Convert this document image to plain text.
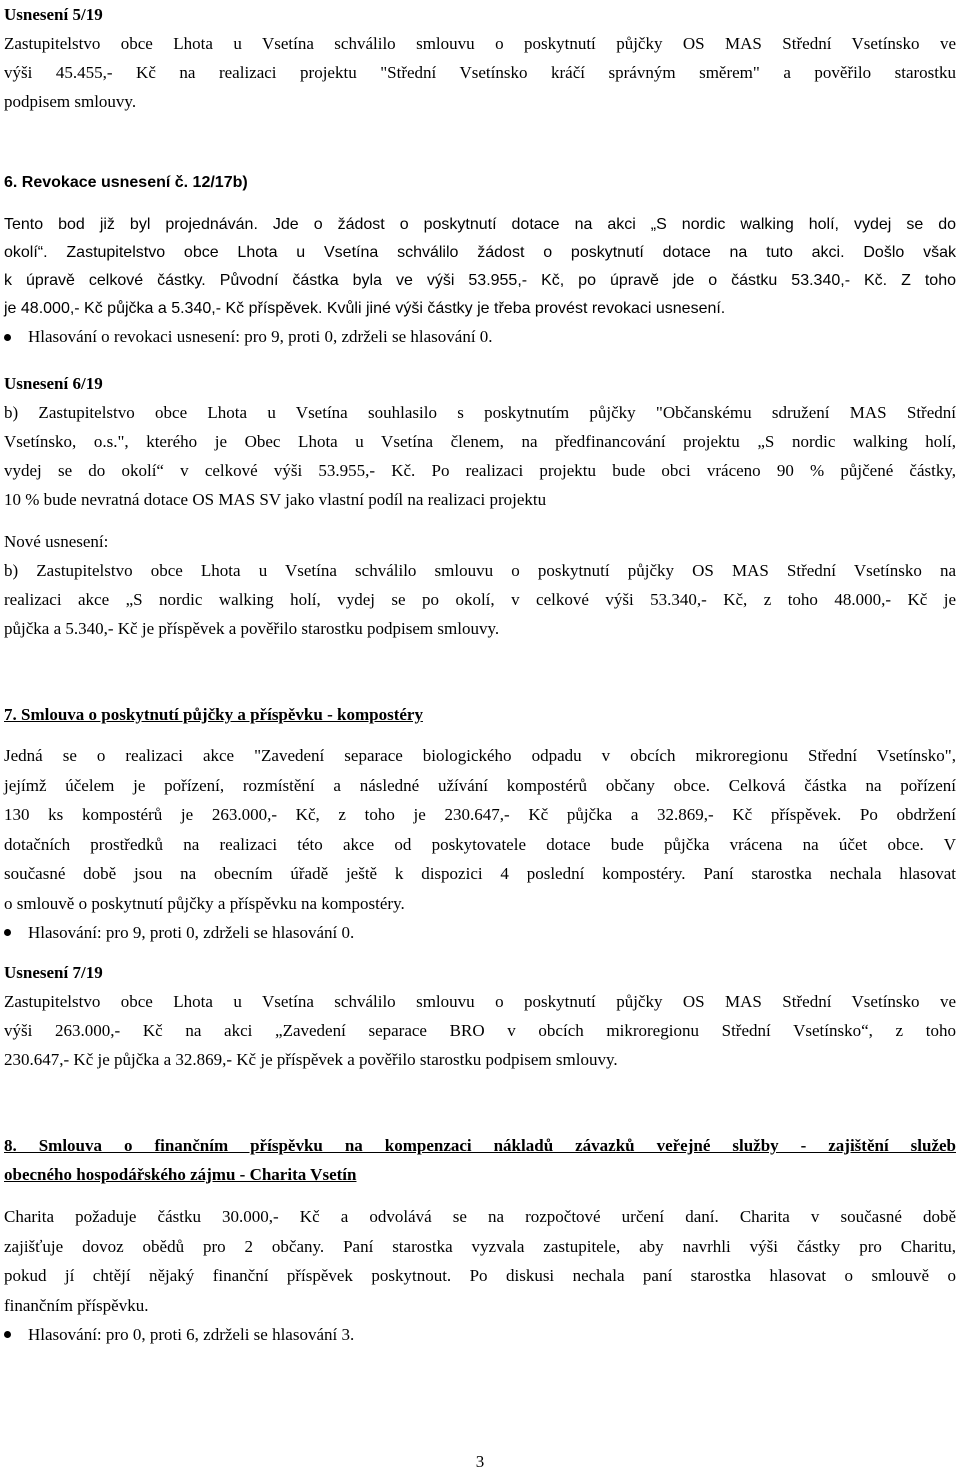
Usnesení 5/19

Zastupitelstvo obce Lhota u Vsetína schválilo smlouvu o poskytnutí půjčky OS MAS Střední Vsetínsko ve

výši 45.455,- Kč na realizaci projektu "Střední Vsetínsko kráčí správným směrem" a pověřilo starostku

podpisem smlouvy.

6. Revokace usnesení č. 12/17b)

Tento bod již byl projednáván. Jde o žádost o poskytnutí dotace na akci „S nordic walking holí, vydej se do

okolí“. Zastupitelstvo obce Lhota u Vsetína schválilo žádost o poskytnutí dotace na tuto akci. Došlo však

k úpravě celkové částky. Původní částka byla ve výši 53.955,- Kč, po úpravě jde o částku 53.340,- Kč. Z toho

je 48.000,- Kč půjčka a 5.340,- Kč příspěvek. Kvůli jiné výši částky je třeba provést revokaci usnesení.

Hlasování o revokaci usnesení: pro 9, proti 0, zdrželi se hlasování 0.

Usnesení 6/19

b) Zastupitelstvo obce Lhota u Vsetína souhlasilo s poskytnutím půjčky "Občanskému sdružení MAS Střední

Vsetínsko, o.s.", kterého je Obec Lhota u Vsetína členem, na předfinancování projektu „S nordic walking holí,

vydej se do okolí“ v celkové výši 53.955,- Kč. Po realizaci projektu bude obci vráceno 90 % půjčené částky,

10 % bude nevratná dotace OS MAS SV jako vlastní podíl na realizaci projektu

Nové usnesení:

b) Zastupitelstvo obce Lhota u Vsetína schválilo smlouvu o poskytnutí půjčky OS MAS Střední Vsetínsko na

realizaci akce „S nordic walking holí, vydej se po okolí, v celkové výši 53.340,- Kč, z toho 48.000,- Kč je

půjčka a 5.340,- Kč je příspěvek a pověřilo starostku podpisem smlouvy.

7. Smlouva o poskytnutí půjčky a příspěvku - kompostéry

Jedná se o realizaci akce "Zavedení separace biologického odpadu v obcích mikroregionu Střední Vsetínsko",

jejímž účelem je pořízení, rozmístění a následné užívání kompostérů občany obce. Celková částka na pořízení

130 ks kompostérů je 263.000,- Kč, z toho je 230.647,- Kč půjčka a 32.869,- Kč příspěvek. Po obdržení

dotačních prostředků na realizaci této akce od poskytovatele dotace bude půjčka vrácena na účet obce. V

současné době jsou na obecním úřadě ještě k dispozici 4 poslední kompostéry. Paní starostka nechala hlasovat

o smlouvě o poskytnutí půjčky a příspěvku na kompostéry.

Hlasování: pro 9, proti 0, zdrželi se hlasování 0.

Usnesení 7/19

Zastupitelstvo obce Lhota u Vsetína schválilo smlouvu o poskytnutí půjčky OS MAS Střední Vsetínsko ve

výši 263.000,- Kč na akci „Zavedení separace BRO v obcích mikroregionu Střední Vsetínsko“, z toho

230.647,- Kč je půjčka a 32.869,- Kč je příspěvek a pověřilo starostku podpisem smlouvy.

8. Smlouva o finančním příspěvku na kompenzaci nákladů závazků veřejné služby - zajištění služeb

obecného hospodářského zájmu - Charita Vsetín

Charita požaduje částku 30.000,- Kč a odvolává se na rozpočtové určení daní. Charita v současné době

zajišťuje dovoz obědů pro 2 občany. Paní starostka vyzvala zastupitele, aby navrhli výši částky pro Charitu,

pokud jí chtějí nějaký finanční příspěvek poskytnout. Po diskusi nechala paní starostka hlasovat o smlouvě o

finančním příspěvku.

Hlasování: pro 0, proti 6, zdrželi se hlasování 3.

3
